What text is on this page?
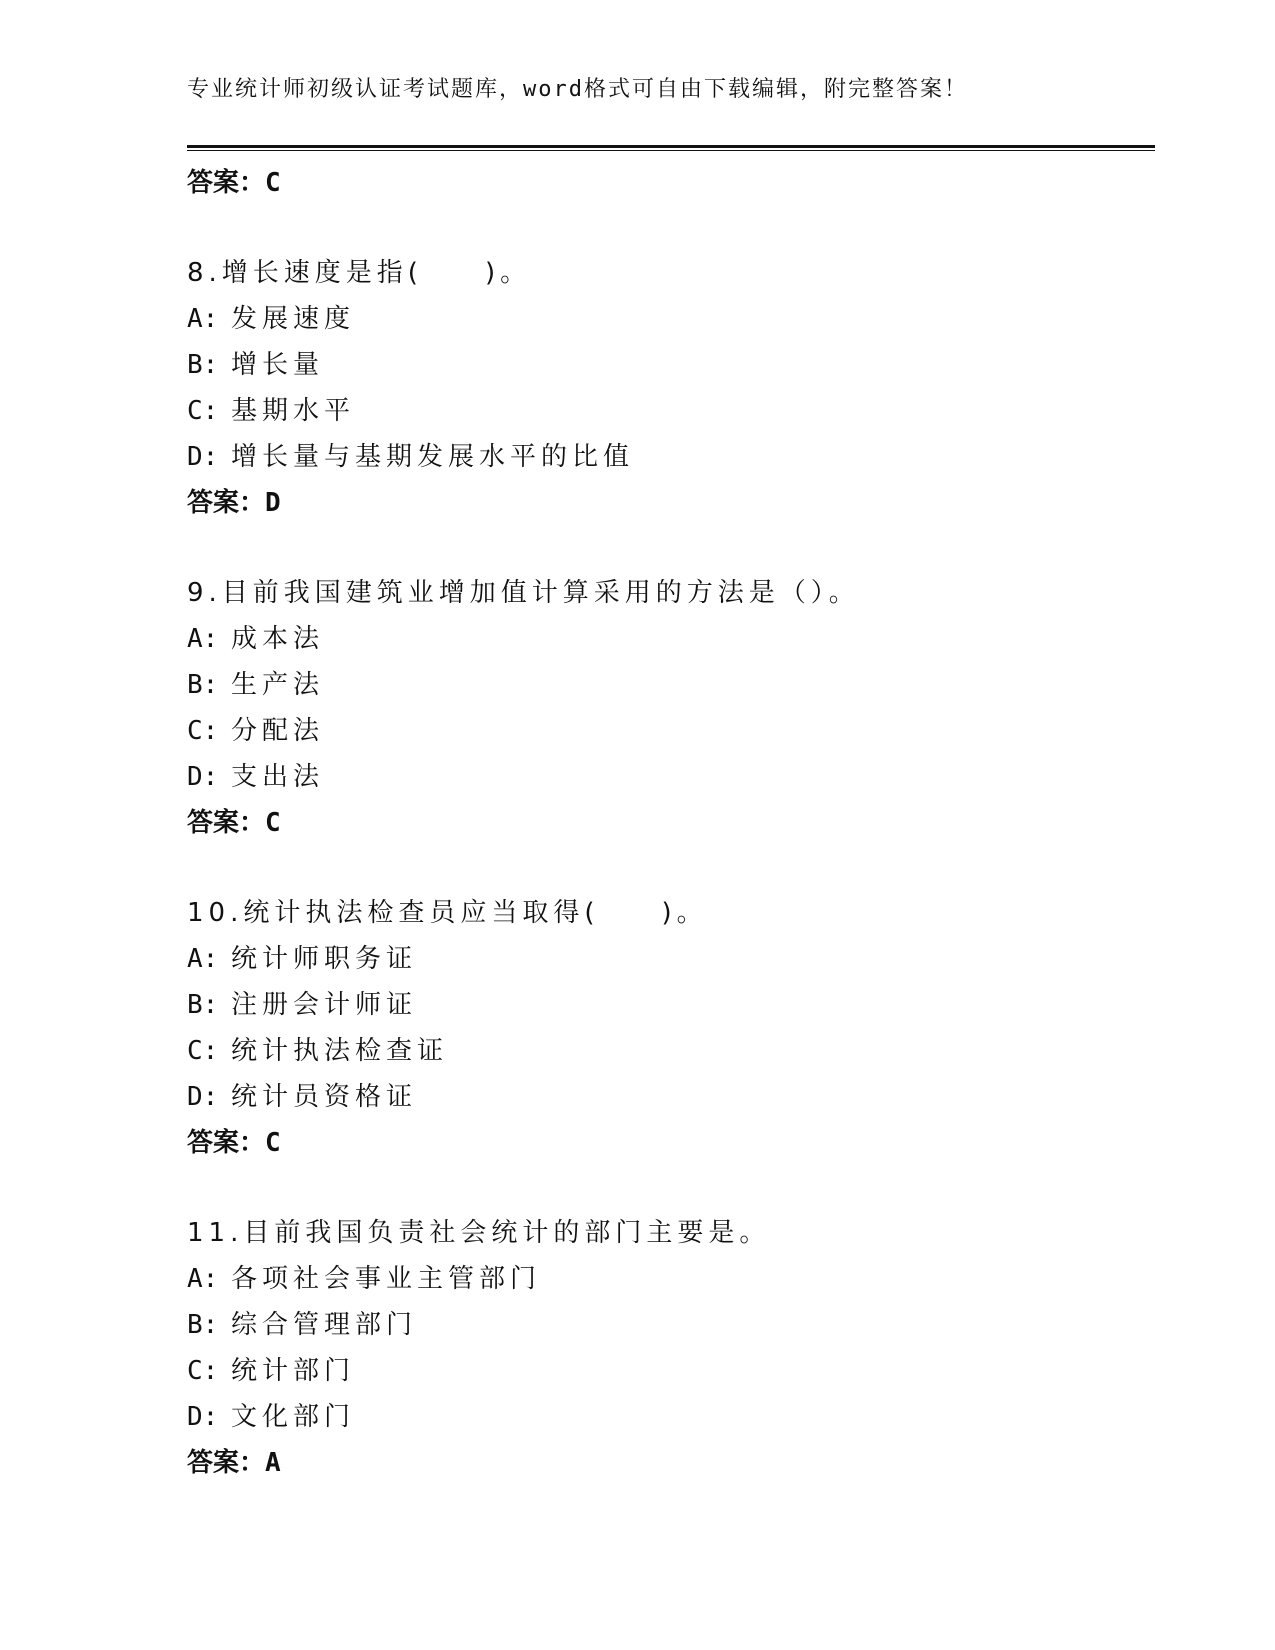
专业统计师初级认证考试题库，word格式可自由下载编辑，附完整答案！
答案：C
8.增长速度是指(　　)。
A: 发展速度
B: 增长量
C: 基期水平
D: 增长量与基期发展水平的比值
答案：D
9.目前我国建筑业增加值计算采用的方法是（）。
A: 成本法
B: 生产法
C: 分配法
D: 支出法
答案：C
10.统计执法检查员应当取得(　　)。
A: 统计师职务证
B: 注册会计师证
C: 统计执法检查证
D: 统计员资格证
答案：C
11.目前我国负责社会统计的部门主要是。
A: 各项社会事业主管部门
B: 综合管理部门
C: 统计部门
D: 文化部门
答案：A
